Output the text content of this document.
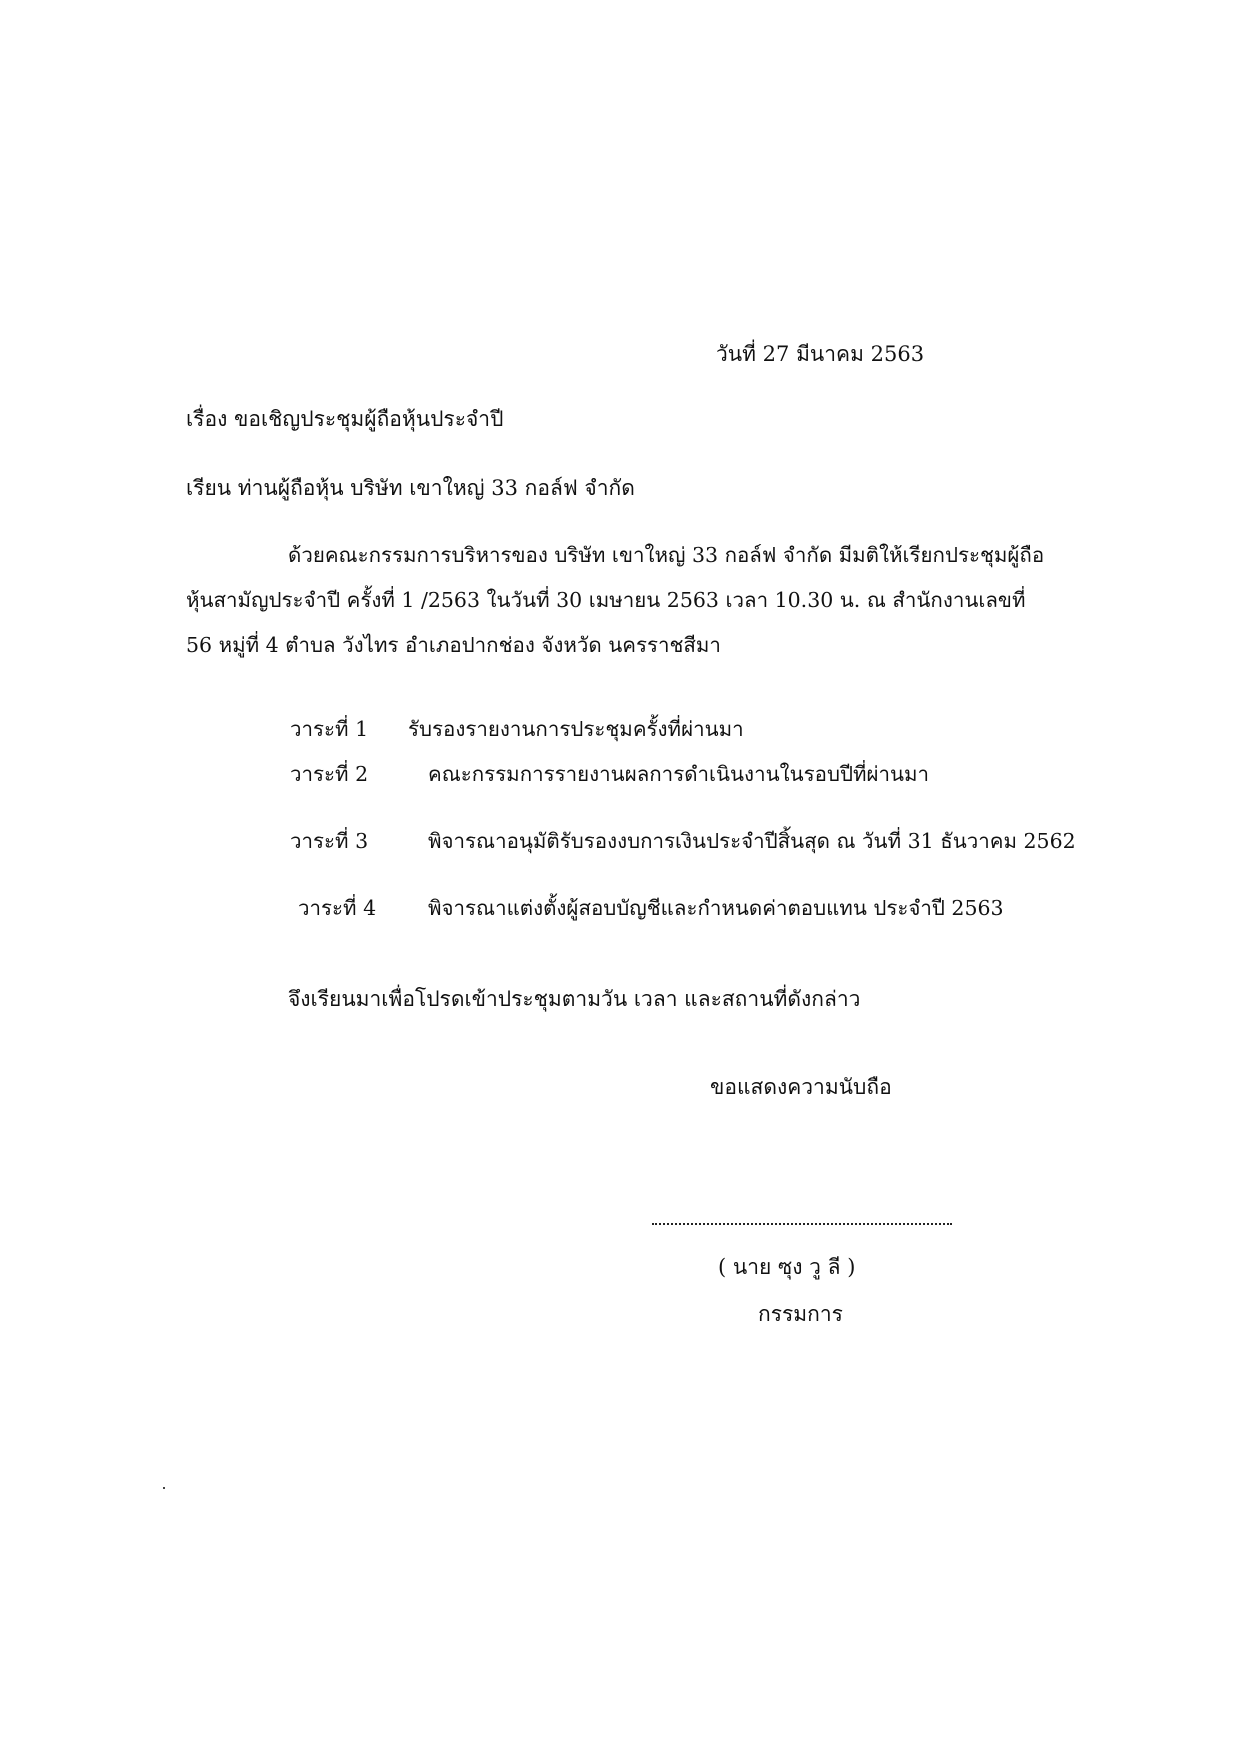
วันที่ 27 มีนาคม 2563
เรื่อง ขอเชิญประชุมผู้ถือหุ้นประจำปี
เรียน ท่านผู้ถือหุ้น บริษัท เขาใหญ่ 33 กอล์ฟ จำกัด
ด้วยคณะกรรมการบริหารของ บริษัท เขาใหญ่ 33 กอล์ฟ จำกัด มีมติให้เรียกประชุมผู้ถือ
หุ้นสามัญประจำปี ครั้งที่ 1 /2563 ในวันที่ 30 เมษายน 2563 เวลา 10.30 น. ณ สำนักงานเลขที่
56 หมู่ที่ 4 ตำบล วังไทร อำเภอปากช่อง จังหวัด นครราชสีมา
วาระที่ 1 รับรองรายงานการประชุมครั้งที่ผ่านมา
วาระที่ 2	คณะกรรมการรายงานผลการดำเนินงานในรอบปีที่ผ่านมา
วาระที่ 3	พิจารณาอนุมัติรับรองงบการเงินประจำปีสิ้นสุด ณ วันที่ 31 ธันวาคม 2562
วาระที่ 4	พิจารณาแต่งตั้งผู้สอบบัญชีและกำหนดค่าตอบแทน ประจำปี 2563
จึงเรียนมาเพื่อโปรดเข้าประชุมตามวัน เวลา และสถานที่ดังกล่าว
ขอแสดงความนับถือ
( นาย ซุง วู ลี )
กรรมการ
